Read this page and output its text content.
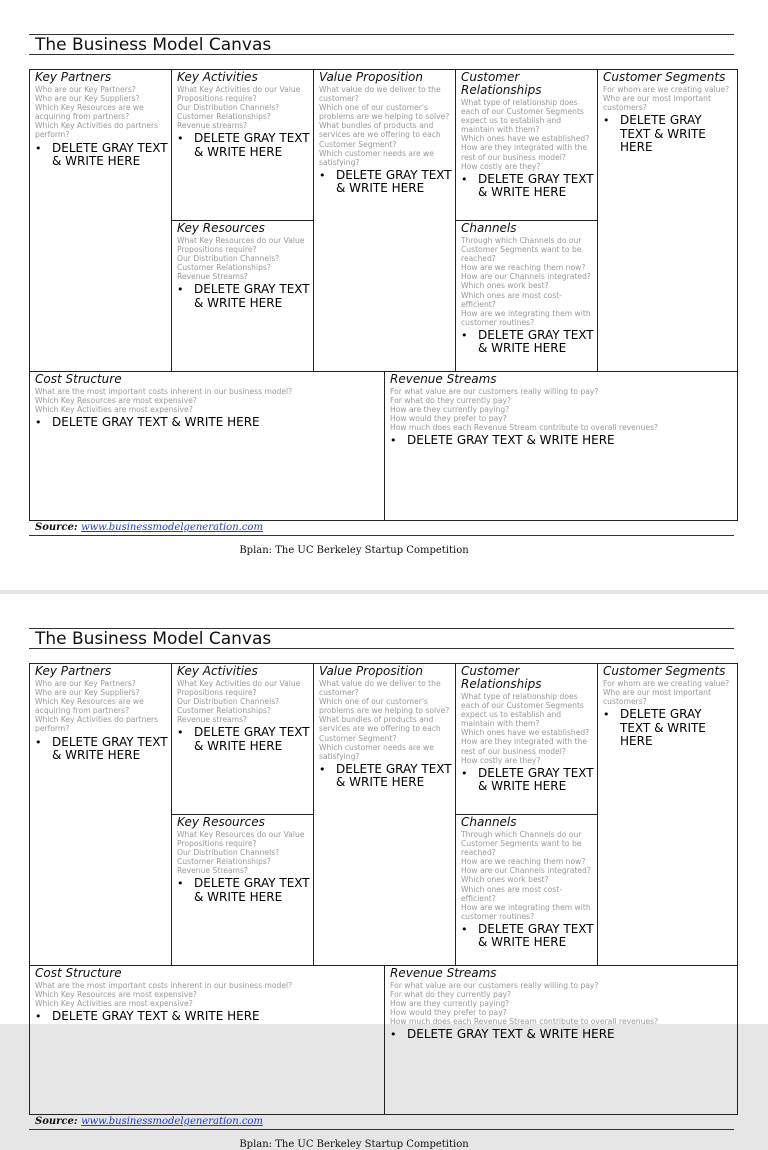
The Business Model Canvas
Key Partners
Who are our Key Partners?
Who are our Key Suppliers?
Which Key Resources are we acquiring from partners?
Which Key Activities do partners perform?
• DELETE GRAY TEXT & WRITE HERE
Key Activities
What Key Activities do our Value Propositions require?
Our Distribution Channels?
Customer Relationships?
Revenue streams?
• DELETE GRAY TEXT & WRITE HERE
Key Resources
What Key Resources do our Value Propositions require?
Our Distribution Channels?
Customer Relationships?
Revenue Streams?
• DELETE GRAY TEXT & WRITE HERE
Value Proposition
What value do we deliver to the customer?
Which one of our customer's problems are we helping to solve?
What bundles of products and services are we offering to each Customer Segment?
Which customer needs are we satisfying?
• DELETE GRAY TEXT & WRITE HERE
Customer Relationships
What type of relationship does each of our Customer Segments expect us to establish and maintain with them?
Which ones have we established?
How are they integrated with the rest of our business model?
How costly are they?
• DELETE GRAY TEXT & WRITE HERE
Channels
Through which Channels do our Customer Segments want to be reached?
How are we reaching them now?
How are our Channels integrated?
Which ones work best?
Which ones are most cost-efficient?
How are we integrating them with customer routines?
• DELETE GRAY TEXT & WRITE HERE
Customer Segments
For whom are we creating value?
Who are our most important customers?
• DELETE GRAY TEXT & WRITE HERE
Cost Structure
What are the most important costs inherent in our business model?
Which Key Resources are most expensive?
Which Key Activities are most expensive?
• DELETE GRAY TEXT & WRITE HERE
Revenue Streams
For what value are our customers really willing to pay?
For what do they currently pay?
How are they currently paying?
How would they prefer to pay?
How much does each Revenue Stream contribute to overall revenues?
• DELETE GRAY TEXT & WRITE HERE
Source: www.businessmodelgeneration.com
Bplan: The UC Berkeley Startup Competition
The Business Model Canvas
Key Partners
Who are our Key Partners?
Who are our Key Suppliers?
Which Key Resources are we acquiring from partners?
Which Key Activities do partners perform?
• DELETE GRAY TEXT & WRITE HERE
Key Activities
What Key Activities do our Value Propositions require?
Our Distribution Channels?
Customer Relationships?
Revenue streams?
• DELETE GRAY TEXT & WRITE HERE
Key Resources
What Key Resources do our Value Propositions require?
Our Distribution Channels?
Customer Relationships?
Revenue Streams?
• DELETE GRAY TEXT & WRITE HERE
Value Proposition
What value do we deliver to the customer?
Which one of our customer's problems are we helping to solve?
What bundles of products and services are we offering to each Customer Segment?
Which customer needs are we satisfying?
• DELETE GRAY TEXT & WRITE HERE
Customer Relationships
What type of relationship does each of our Customer Segments expect us to establish and maintain with them?
Which ones have we established?
How are they integrated with the rest of our business model?
How costly are they?
• DELETE GRAY TEXT & WRITE HERE
Channels
Through which Channels do our Customer Segments want to be reached?
How are we reaching them now?
How are our Channels integrated?
Which ones work best?
Which ones are most cost-efficient?
How are we integrating them with customer routines?
• DELETE GRAY TEXT & WRITE HERE
Customer Segments
For whom are we creating value?
Who are our most important customers?
• DELETE GRAY TEXT & WRITE HERE
Cost Structure
What are the most important costs inherent in our business model?
Which Key Resources are most expensive?
Which Key Activities are most expensive?
• DELETE GRAY TEXT & WRITE HERE
Revenue Streams
For what value are our customers really willing to pay?
For what do they currently pay?
How are they currently paying?
How would they prefer to pay?
How much does each Revenue Stream contribute to overall revenues?
• DELETE GRAY TEXT & WRITE HERE
Source: www.businessmodelgeneration.com
Bplan: The UC Berkeley Startup Competition
